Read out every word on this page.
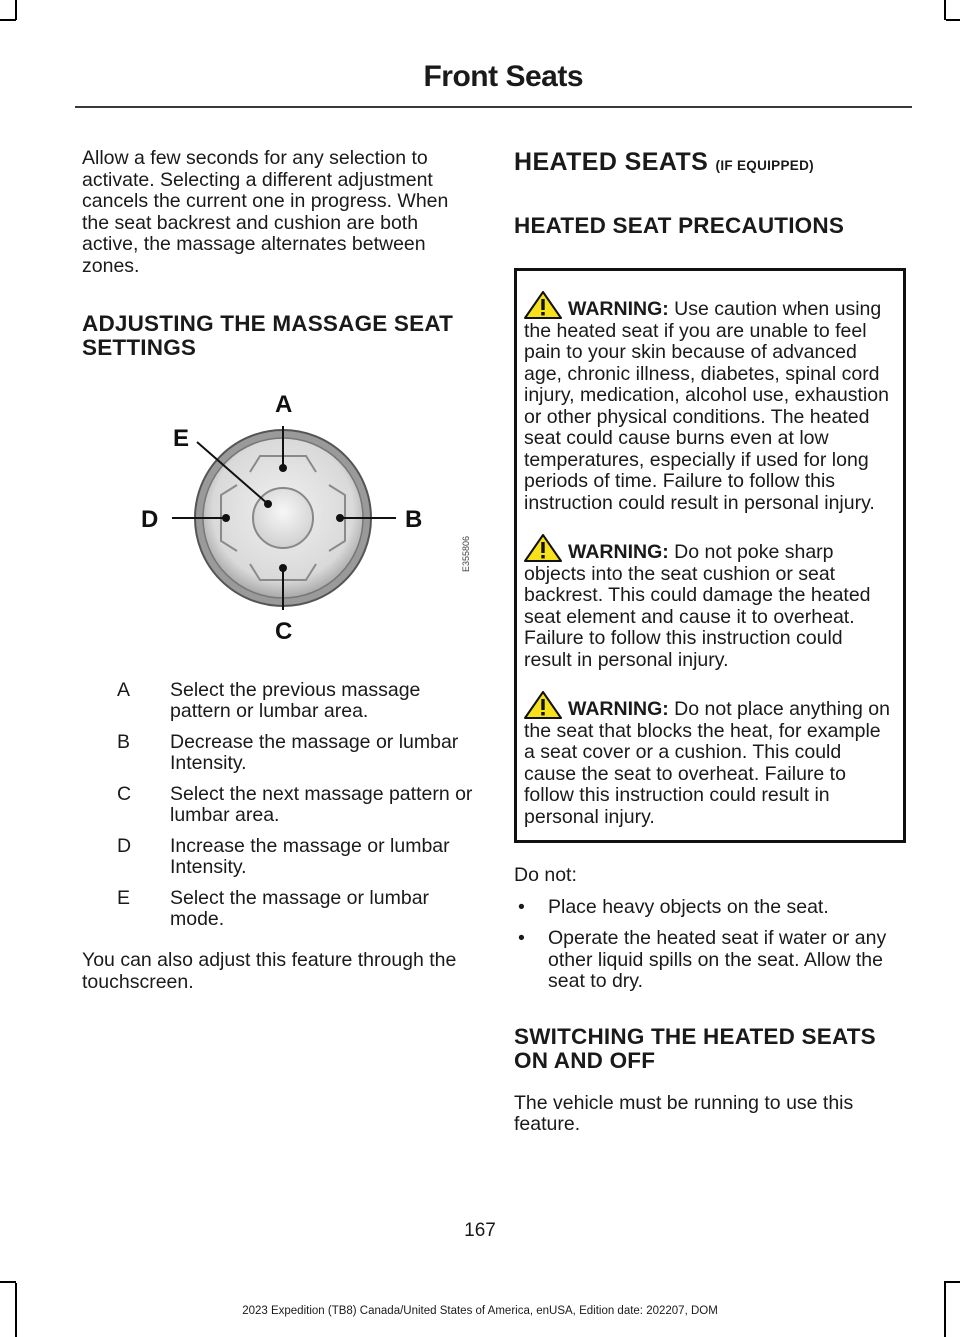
Front Seats

Allow a few seconds for any selection to activate. Selecting a different adjustment cancels the current one in progress. When the seat backrest and cushion are both active, the massage alternates between zones.

ADJUSTING THE MASSAGE SEAT SETTINGS
A
B
C
D
E
E355806
A Select the previous massage pattern or lumbar area.
B Decrease the massage or lumbar Intensity.
C Select the next massage pattern or lumbar area.
D Increase the massage or lumbar Intensity.
E Select the massage or lumbar mode.

You can also adjust this feature through the touchscreen.

HEATED SEATS (IF EQUIPPED)
HEATED SEAT PRECAUTIONS

WARNING: Use caution when using the heated seat if you are unable to feel pain to your skin because of advanced age, chronic illness, diabetes, spinal cord injury, medication, alcohol use, exhaustion or other physical conditions. The heated seat could cause burns even at low temperatures, especially if used for long periods of time. Failure to follow this instruction could result in personal injury.

WARNING: Do not poke sharp objects into the seat cushion or seat backrest. This could damage the heated seat element and cause it to overheat. Failure to follow this instruction could result in personal injury.

WARNING: Do not place anything on the seat that blocks the heat, for example a seat cover or a cushion. This could cause the seat to overheat. Failure to follow this instruction could result in personal injury.

Do not:

• Place heavy objects on the seat.
• Operate the heated seat if water or any other liquid spills on the seat. Allow the seat to dry.
SWITCHING THE HEATED SEATS ON AND OFF

The vehicle must be running to use this feature.

167
2023 Expedition (TB8) Canada/United States of America, enUSA, Edition date: 202207, DOM
